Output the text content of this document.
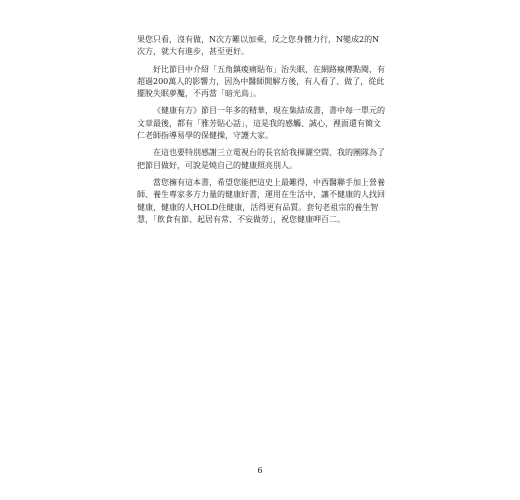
果您只看，沒有做，N次方難以加乘，反之您身體力行，N變成2的N次方，就大有進步，甚至更好。

好比節目中介紹「五角鎮痠痛貼布」治失眠，在網路瘋傳點閱，有超過200萬人的影響力，因為中醫師開解方後，有人看了、做了，從此擺脫失眠夢魘，不再當「暗光鳥」。

《健康有方》節目一年多的精華，現在集結成書，書中每一單元的文章最後，都有「雅芳貼心話」，這是我的感觸、誠心，裡面還有簡文仁老師指導易學的保健操，守護大家。

在這也要特別感謝三立電視台的長官給我揮灑空間、我的團隊為了把節目做好，可說是燒自己的健康照亮別人。

當您擁有這本書，希望您能把這史上最難得，中西醫聯手加上營養師、養生專家多方力量的健康好書，運用在生活中，讓不健康的人找回健康，健康的人HOLD住健康，活得更有品質。套句老祖宗的養生智慧，「飲食有節、起居有常、不妄做勞」，祝您健康呷百二。

6
